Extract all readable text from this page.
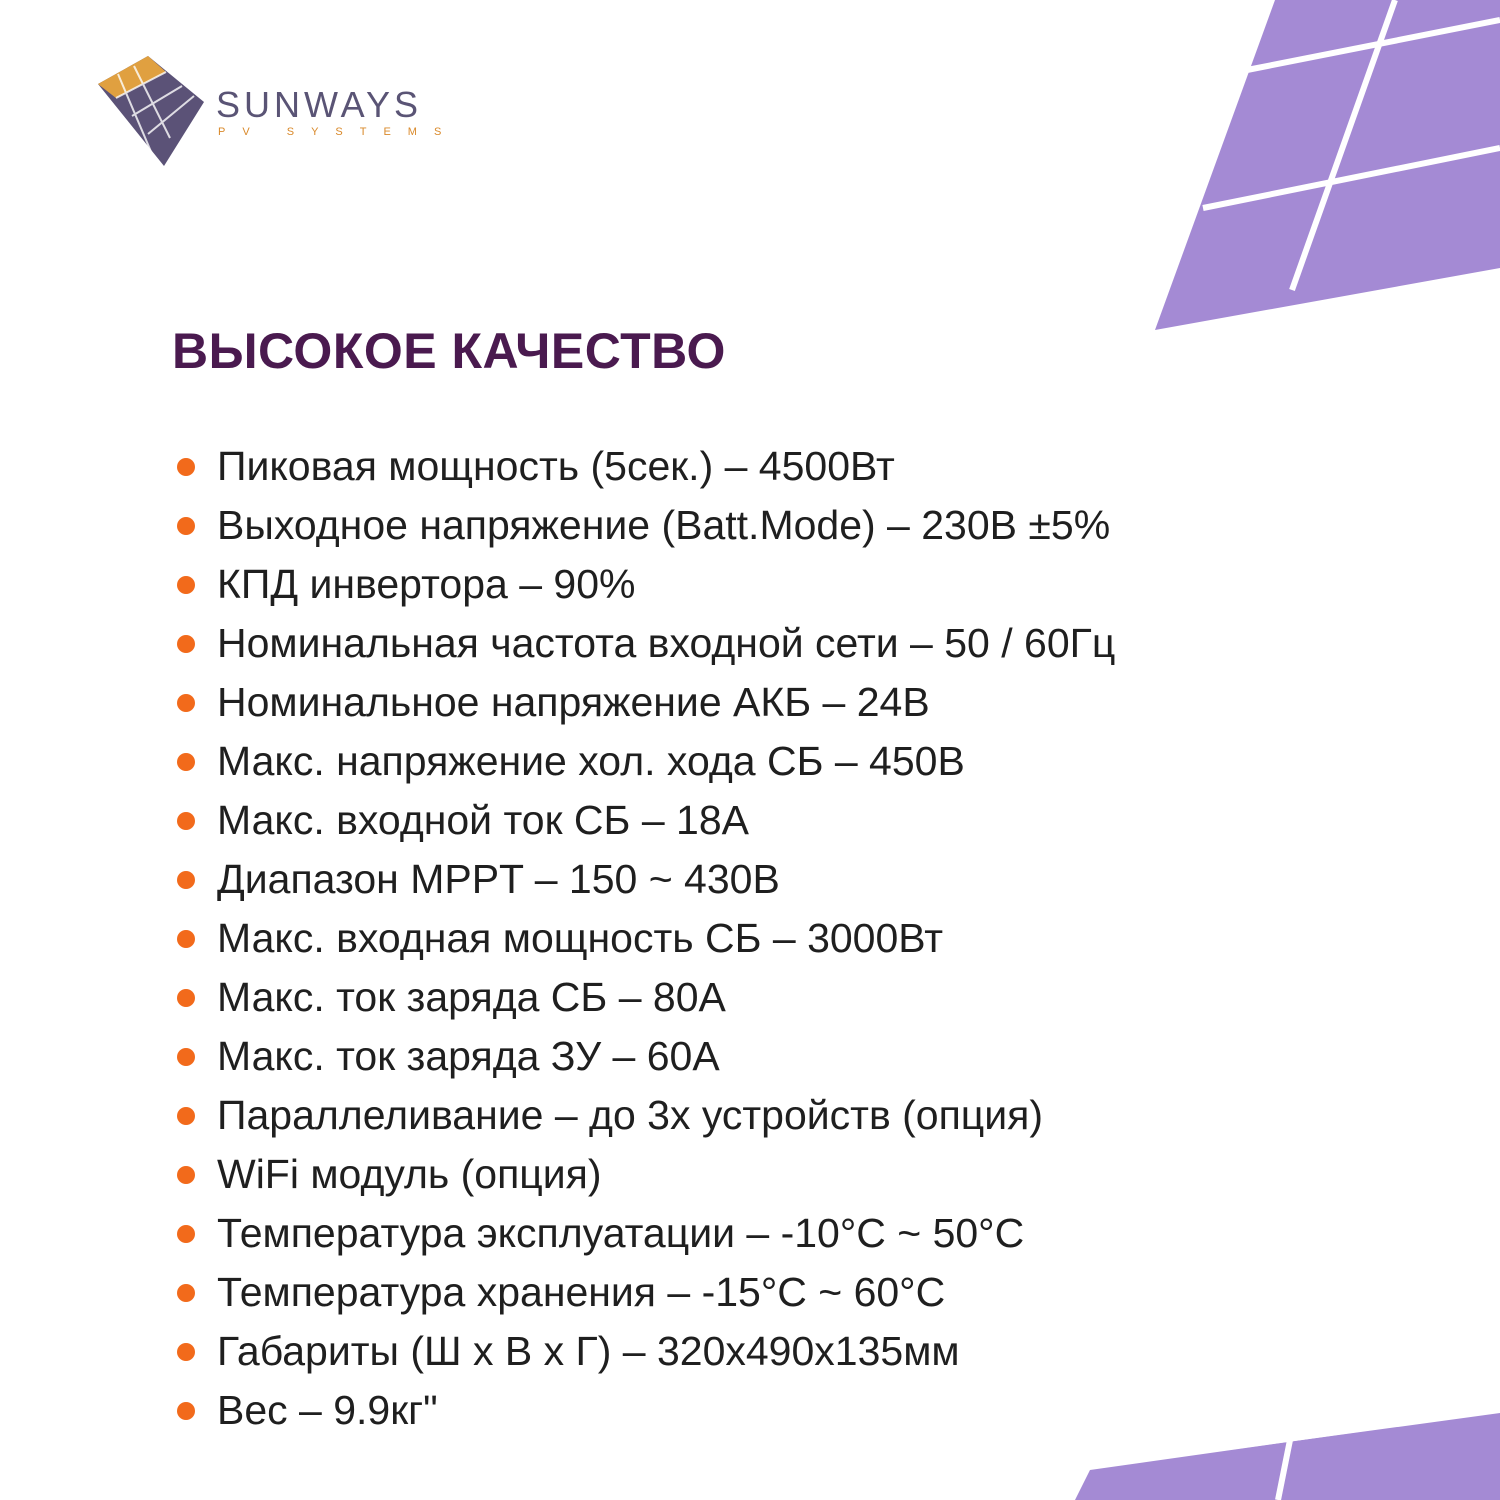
SUNWAYS
PV SYSTEMS
ВЫСОКОЕ КАЧЕСТВО
Пиковая мощность (5сек.) – 4500Вт
Выходное напряжение (Batt.Mode) – 230В ±5%
КПД инвертора – 90%
Номинальная частота входной сети – 50 / 60Гц
Номинальное напряжение АКБ – 24В
Макс. напряжение хол. хода СБ – 450В
Макс. входной ток СБ – 18А
Диапазон MPPT – 150 ~ 430В
Макс. входная мощность СБ – 3000Вт
Макс. ток заряда СБ – 80А
Макс. ток заряда ЗУ – 60А
Параллеливание – до 3х устройств (опция)
WiFi модуль (опция)
Температура эксплуатации – -10°С ~ 50°С
Температура хранения – -15°С ~ 60°С
Габариты (Ш х В х Г) – 320х490х135мм
Вес – 9.9кг"
